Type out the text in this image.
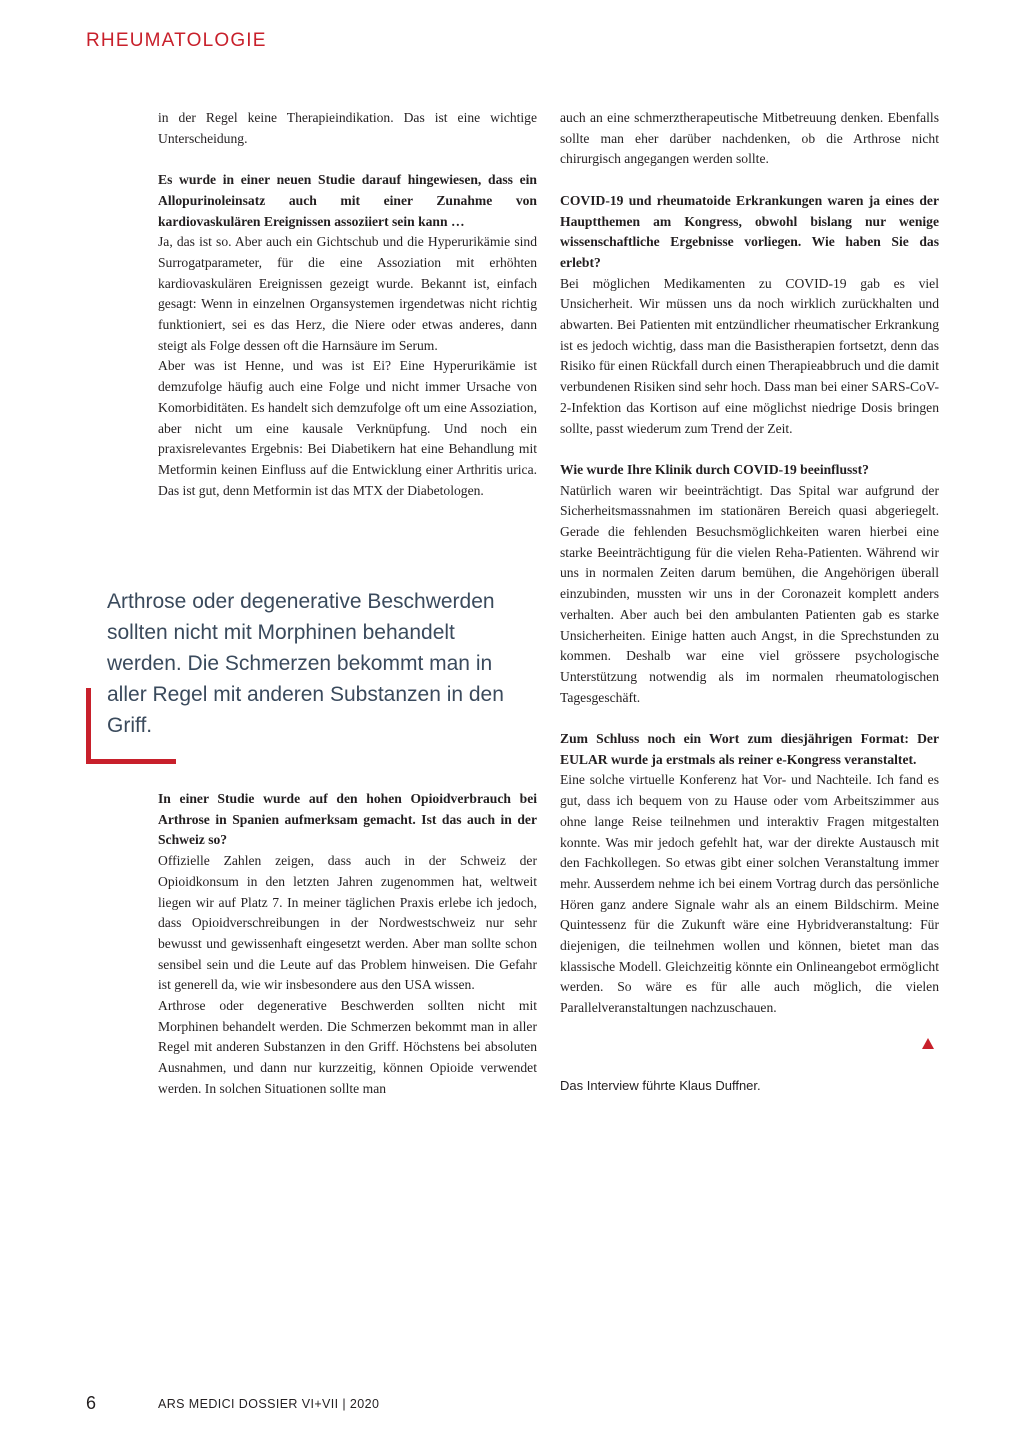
RHEUMATOLOGIE

in der Regel keine Therapieindikation. Das ist eine wichtige Unterscheidung.

Es wurde in einer neuen Studie darauf hingewiesen, dass ein Allopurinoleinsatz auch mit einer Zunahme von kardiovaskulären Ereignissen assoziiert sein kann …

Ja, das ist so. Aber auch ein Gichtschub und die Hyperurikämie sind Surrogatparameter, für die eine Assoziation mit erhöhten kardiovaskulären Ereignissen gezeigt wurde. Bekannt ist, einfach gesagt: Wenn in einzelnen Organsystemen irgendetwas nicht richtig funktioniert, sei es das Herz, die Niere oder etwas anderes, dann steigt als Folge dessen oft die Harnsäure im Serum.

Aber was ist Henne, und was ist Ei? Eine Hyperurikämie ist demzufolge häufig auch eine Folge und nicht immer Ursache von Komorbiditäten. Es handelt sich demzufolge oft um eine Assoziation, aber nicht um eine kausale Verknüpfung. Und noch ein praxisrelevantes Ergebnis: Bei Diabetikern hat eine Behandlung mit Metformin keinen Einfluss auf die Entwicklung einer Arthritis urica. Das ist gut, denn Metformin ist das MTX der Diabetologen.

Arthrose oder degenerative Beschwerden sollten nicht mit Morphinen behandelt werden. Die Schmerzen bekommt man in aller Regel mit anderen Substanzen in den Griff.

In einer Studie wurde auf den hohen Opioidverbrauch bei Arthrose in Spanien aufmerksam gemacht. Ist das auch in der Schweiz so?

Offizielle Zahlen zeigen, dass auch in der Schweiz der Opioidkonsum in den letzten Jahren zugenommen hat, weltweit liegen wir auf Platz 7. In meiner täglichen Praxis erlebe ich jedoch, dass Opioidverschreibungen in der Nordwestschweiz nur sehr bewusst und gewissenhaft eingesetzt werden. Aber man sollte schon sensibel sein und die Leute auf das Problem hinweisen. Die Gefahr ist generell da, wie wir insbesondere aus den USA wissen.

Arthrose oder degenerative Beschwerden sollten nicht mit Morphinen behandelt werden. Die Schmerzen bekommt man in aller Regel mit anderen Substanzen in den Griff. Höchstens bei absoluten Ausnahmen, und dann nur kurzzeitig, können Opioide verwendet werden. In solchen Situationen sollte man

auch an eine schmerztherapeutische Mitbetreuung denken. Ebenfalls sollte man eher darüber nachdenken, ob die Arthrose nicht chirurgisch angegangen werden sollte.

COVID-19 und rheumatoide Erkrankungen waren ja eines der Hauptthemen am Kongress, obwohl bislang nur wenige wissenschaftliche Ergebnisse vorliegen. Wie haben Sie das erlebt?

Bei möglichen Medikamenten zu COVID-19 gab es viel Unsicherheit. Wir müssen uns da noch wirklich zurückhalten und abwarten. Bei Patienten mit entzündlicher rheumatischer Erkrankung ist es jedoch wichtig, dass man die Basistherapien fortsetzt, denn das Risiko für einen Rückfall durch einen Therapieabbruch und die damit verbundenen Risiken sind sehr hoch. Dass man bei einer SARS-CoV-2-Infektion das Kortison auf eine möglichst niedrige Dosis bringen sollte, passt wiederum zum Trend der Zeit.

Wie wurde Ihre Klinik durch COVID-19 beeinflusst?

Natürlich waren wir beeinträchtigt. Das Spital war aufgrund der Sicherheitsmassnahmen im stationären Bereich quasi abgeriegelt. Gerade die fehlenden Besuchsmöglichkeiten waren hierbei eine starke Beeinträchtigung für die vielen Reha-Patienten. Während wir uns in normalen Zeiten darum bemühen, die Angehörigen überall einzubinden, mussten wir uns in der Coronazeit komplett anders verhalten. Aber auch bei den ambulanten Patienten gab es starke Unsicherheiten. Einige hatten auch Angst, in die Sprechstunden zu kommen. Deshalb war eine viel grössere psychologische Unterstützung notwendig als im normalen rheumatologischen Tagesgeschäft.

Zum Schluss noch ein Wort zum diesjährigen Format: Der EULAR wurde ja erstmals als reiner e-Kongress veranstaltet.

Eine solche virtuelle Konferenz hat Vor- und Nachteile. Ich fand es gut, dass ich bequem von zu Hause oder vom Arbeitszimmer aus ohne lange Reise teilnehmen und interaktiv Fragen mitgestalten konnte. Was mir jedoch gefehlt hat, war der direkte Austausch mit den Fachkollegen. So etwas gibt einer solchen Veranstaltung immer mehr. Ausserdem nehme ich bei einem Vortrag durch das persönliche Hören ganz andere Signale wahr als an einem Bildschirm. Meine Quintessenz für die Zukunft wäre eine Hybridveranstaltung: Für diejenigen, die teilnehmen wollen und können, bietet man das klassische Modell. Gleichzeitig könnte ein Onlineangebot ermöglicht werden. So wäre es für alle auch möglich, die vielen Parallelveranstaltungen nachzuschauen.

Das Interview führte Klaus Duffner.
6	ARS MEDICI DOSSIER VI+VII | 2020
